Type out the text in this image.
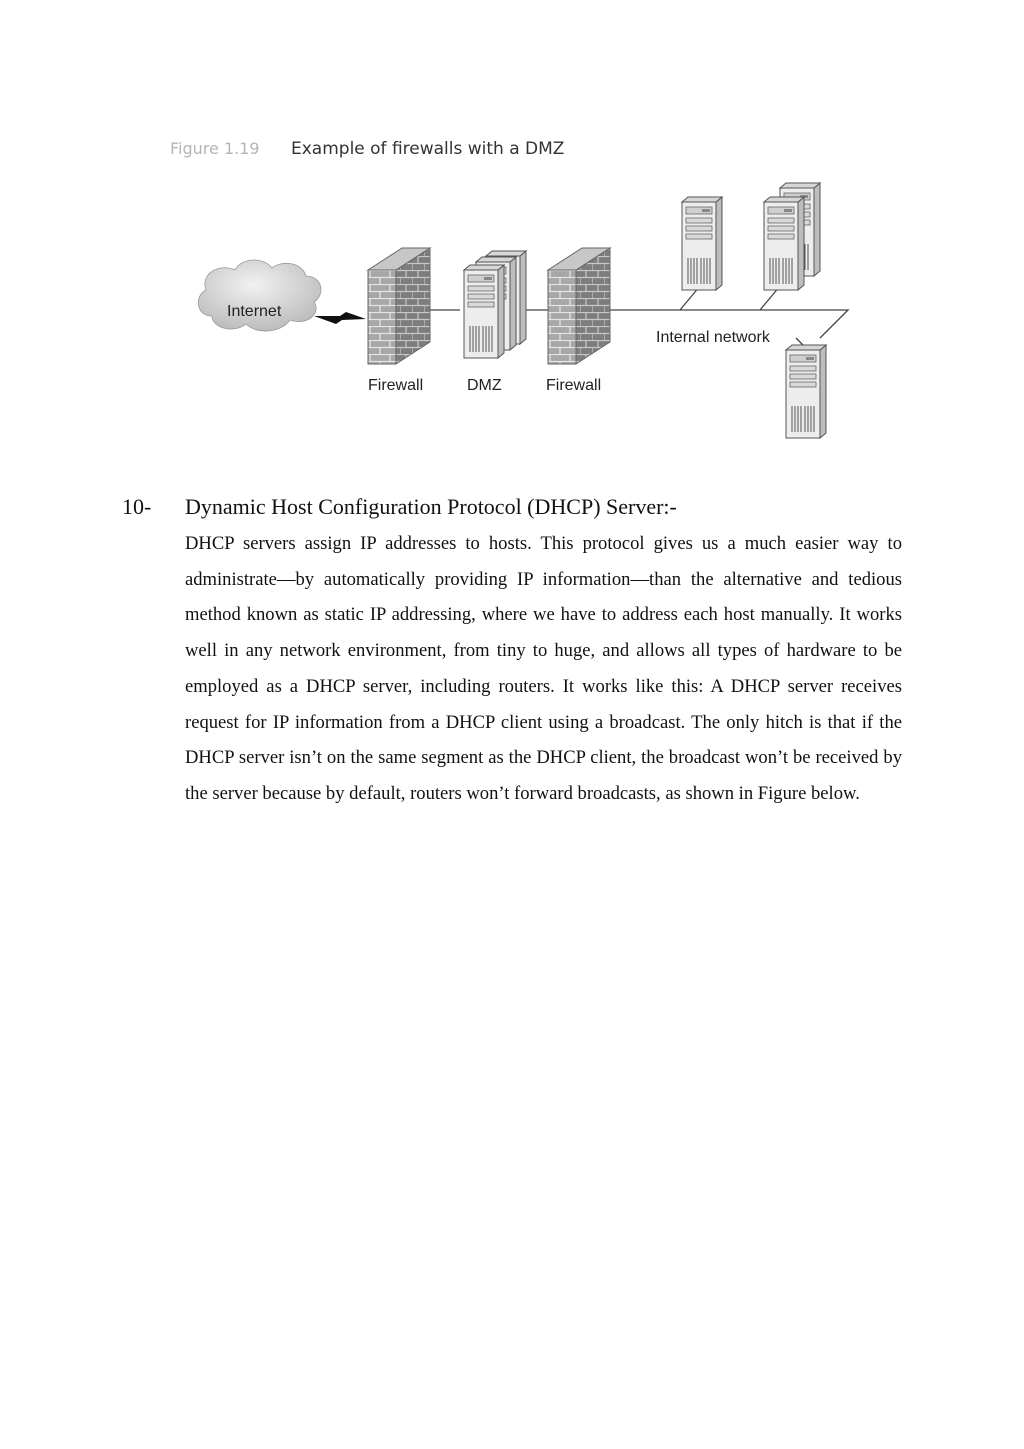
Figure 1.19 Example of firewalls with a DMZ
Internet
Firewall	DMZ	Firewall
Internal network
10- Dynamic Host Configuration Protocol (DHCP) Server:-

DHCP servers assign IP addresses to hosts. This protocol gives us a much easier way to administrate—by automatically providing IP information—than the alternative and tedious method known as static IP addressing, where we have to address each host manually. It works well in any network environment, from tiny to huge, and allows all types of hardware to be employed as a DHCP server, including routers. It works like this: A DHCP server receives request for IP information from a DHCP client using a broadcast. The only hitch is that if the DHCP server isn’t on the same segment as the DHCP client, the broadcast won’t be received by the server because by default, routers won’t forward broadcasts, as shown in Figure below.
